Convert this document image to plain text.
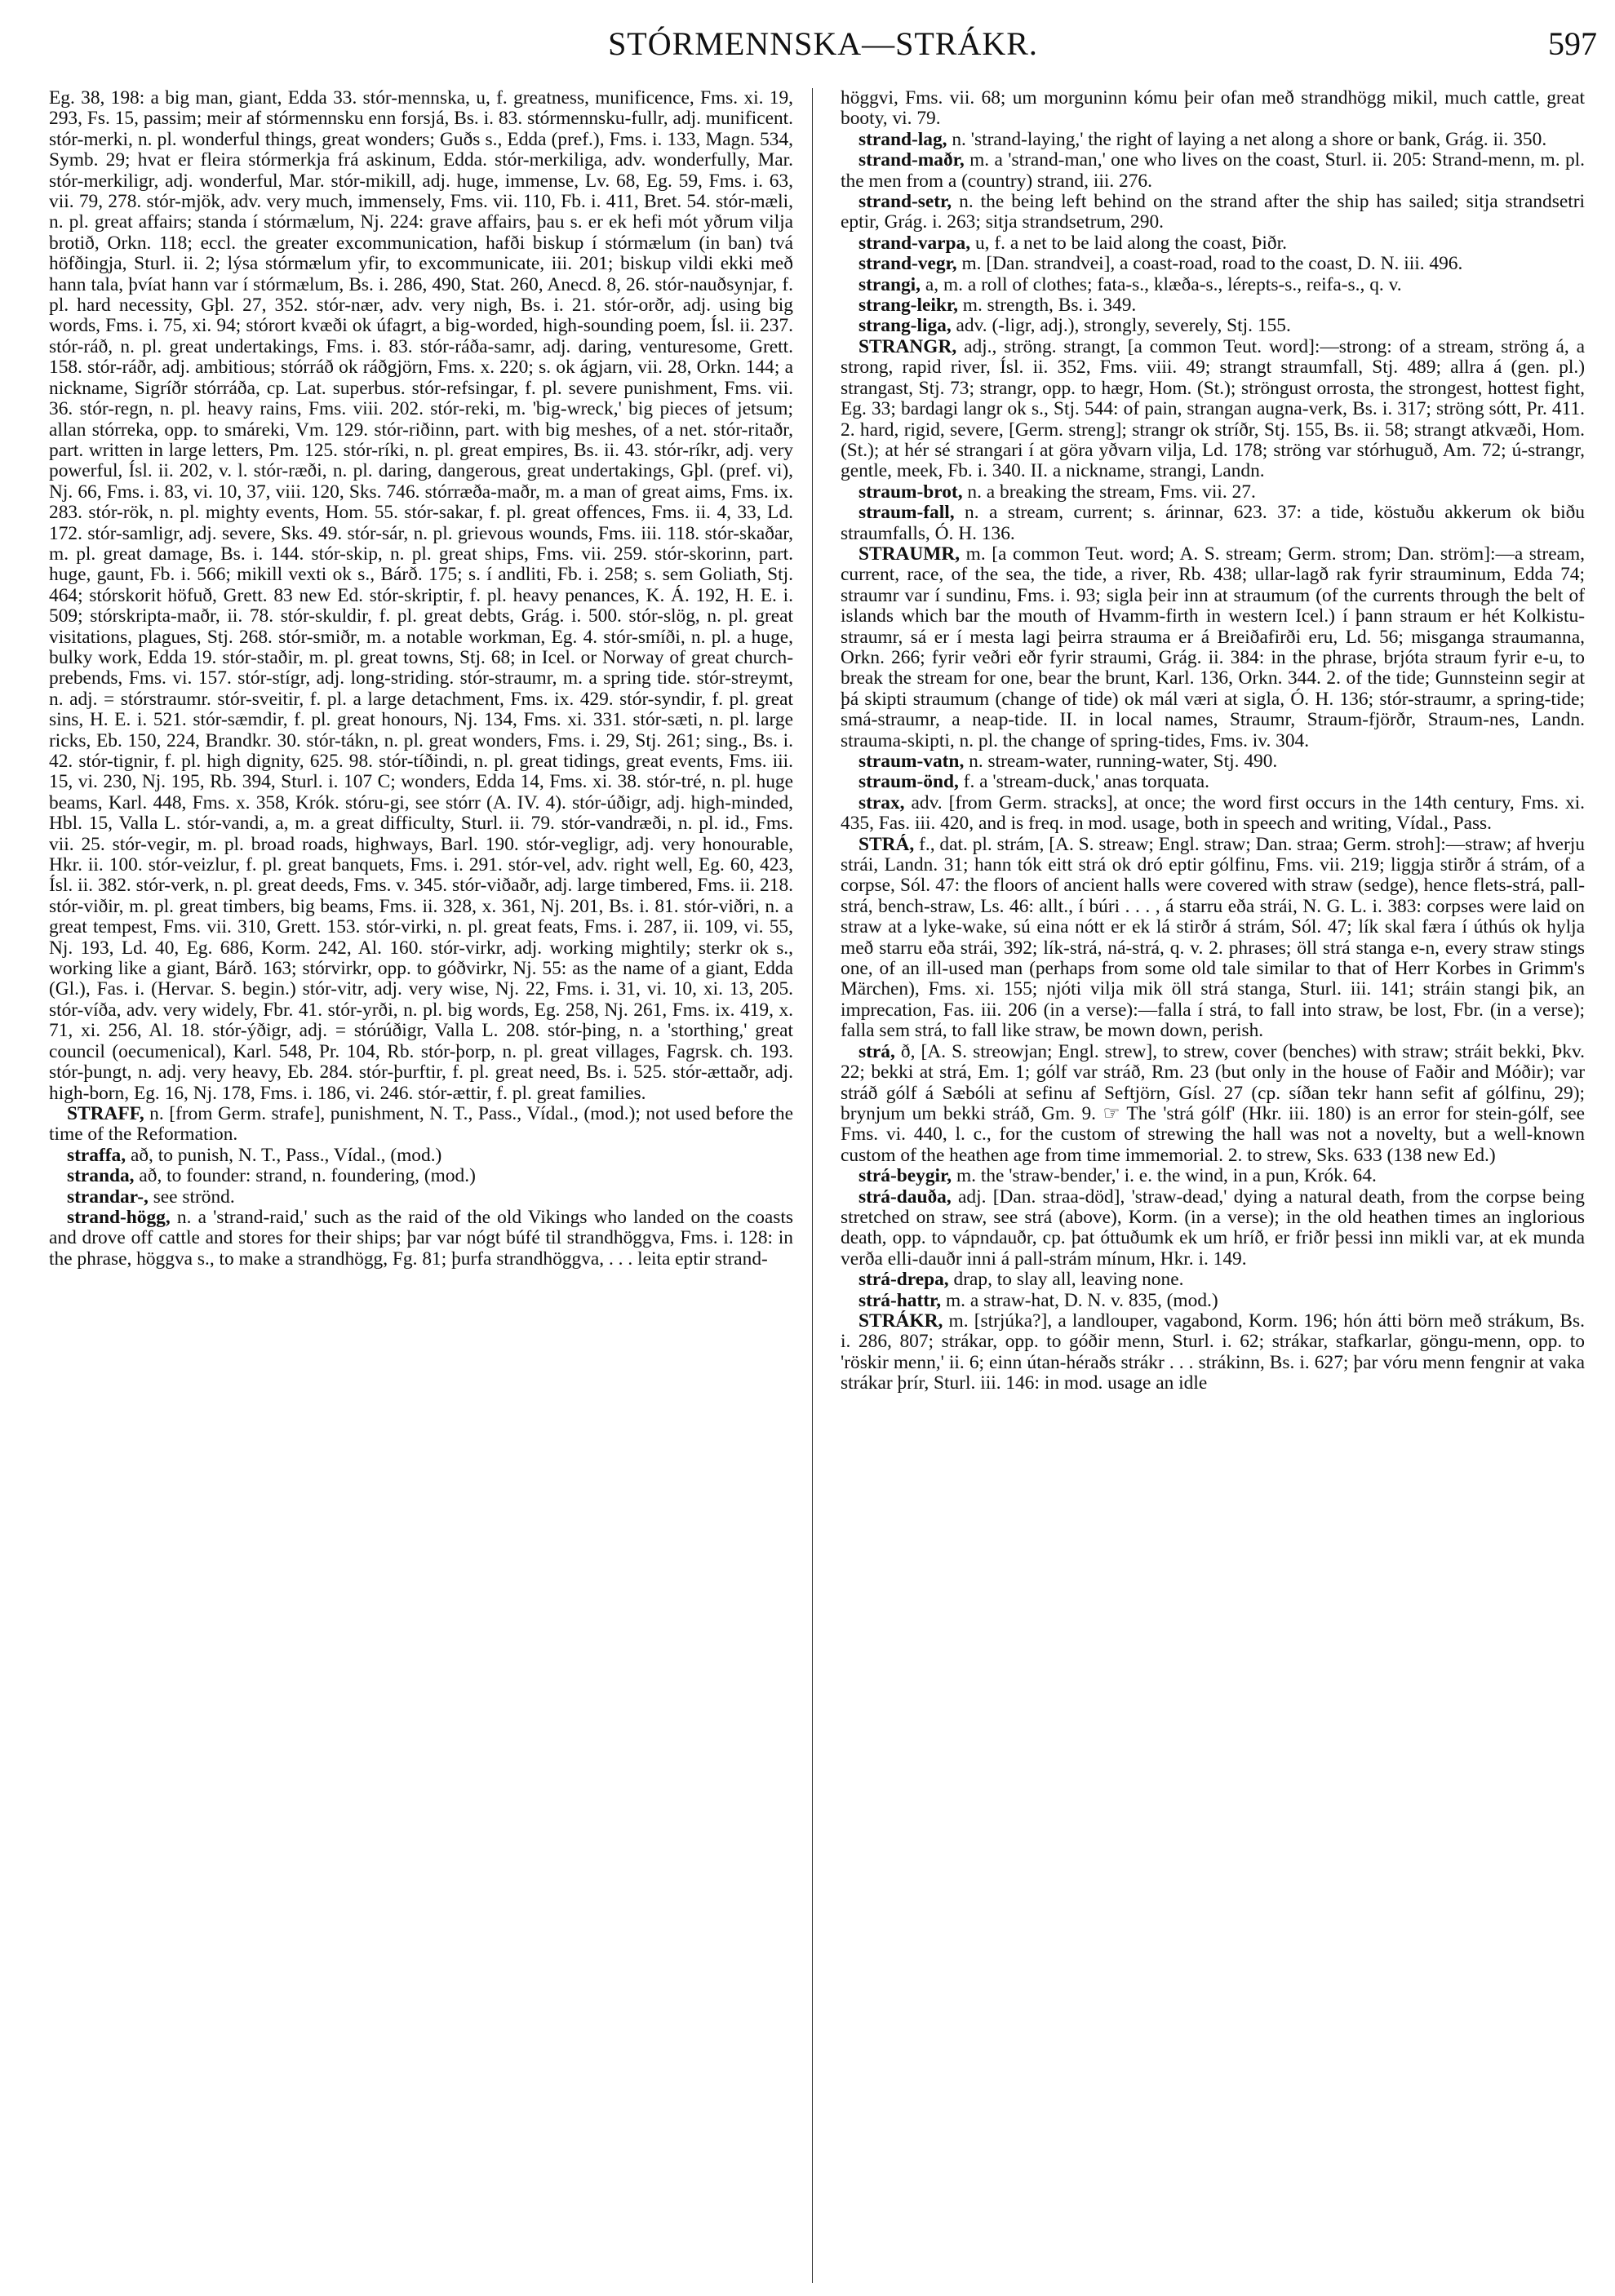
STÓRMENNSKA—STRÁKR.	597

Eg. 38, 198: a big man, giant, Edda 33. stór-mennska, u, f. greatness, munificence, Fms. xi. 19, 293, Fs. 15, passim; meir af stórmennsku enn forsjá, Bs. i. 83. stórmennsku-fullr, adj. munificent. stór-merki, n. pl. wonderful things, great wonders; Guðs s., Edda (pref.), Fms. i. 133, Magn. 534, Symb. 29; hvat er fleira stórmerkja frá askinum, Edda. stór-merkiliga, adv. wonderfully, Mar. stór-merkiligr, adj. wonderful, Mar. stór-mikill, adj. huge, immense, Lv. 68, Eg. 59, Fms. i. 63, vii. 79, 278. stór-mjök, adv. very much, immensely, Fms. vii. 110, Fb. i. 411, Bret. 54. stór-mæli, n. pl. great affairs; standa í stórmælum, Nj. 224: grave affairs, þau s. er ek hefi mót yðrum vilja brotið, Orkn. 118; eccl. the greater excommunication, hafði biskup í stórmælum (in ban) tvá höfðingja, Sturl. ii. 2; lýsa stórmælum yfir, to excommunicate, iii. 201; biskup vildi ekki með hann tala, þvíat hann var í stórmælum, Bs. i. 286, 490, Stat. 260, Anecd. 8, 26. stór-nauðsynjar, f. pl. hard necessity, Gþl. 27, 352. stór-nær, adv. very nigh, Bs. i. 21. stór-orðr, adj. using big words, Fms. i. 75, xi. 94; stórort kvæði ok úfagrt, a big-worded, high-sounding poem, Ísl. ii. 237. stór-ráð, n. pl. great undertakings, Fms. i. 83. stór-ráða-samr, adj. daring, venturesome, Grett. 158. stór-ráðr, adj. ambitious; stórráð ok ráðgjörn, Fms. x. 220; s. ok ágjarn, vii. 28, Orkn. 144; a nickname, Sigríðr stórráða, cp. Lat. superbus. stór-refsingar, f. pl. severe punishment, Fms. vii. 36. stór-regn, n. pl. heavy rains, Fms. viii. 202. stór-reki, m. 'big-wreck,' big pieces of jetsum; allan stórreka, opp. to smáreki, Vm. 129. stór-riðinn, part. with big meshes, of a net. stór-ritaðr, part. written in large letters, Pm. 125. stór-ríki, n. pl. great empires, Bs. ii. 43. stór-ríkr, adj. very powerful, Ísl. ii. 202, v. l. stór-ræði, n. pl. daring, dangerous, great undertakings, Gþl. (pref. vi), Nj. 66, Fms. i. 83, vi. 10, 37, viii. 120, Sks. 746. stórræða-maðr, m. a man of great aims, Fms. ix. 283. stór-rök, n. pl. mighty events, Hom. 55. stór-sakar, f. pl. great offences, Fms. ii. 4, 33, Ld. 172. stór-samligr, adj. severe, Sks. 49. stór-sár, n. pl. grievous wounds, Fms. iii. 118. stór-skaðar, m. pl. great damage, Bs. i. 144. stór-skip, n. pl. great ships, Fms. vii. 259. stór-skorinn, part. huge, gaunt, Fb. i. 566; mikill vexti ok s., Bárð. 175; s. í andliti, Fb. i. 258; s. sem Goliath, Stj. 464; stórskorit höfuð, Grett. 83 new Ed. stór-skriptir, f. pl. heavy penances, K. Á. 192, H. E. i. 509; stórskripta-maðr, ii. 78. stór-skuldir, f. pl. great debts, Grág. i. 500. stór-slög, n. pl. great visitations, plagues, Stj. 268. stór-smiðr, m. a notable workman, Eg. 4. stór-smíði, n. pl. a huge, bulky work, Edda 19. stór-staðir, m. pl. great towns, Stj. 68; in Icel. or Norway of great church-prebends, Fms. vi. 157. stór-stígr, adj. long-striding. stór-straumr, m. a spring tide. stór-streymt, n. adj. = stórstraumr. stór-sveitir, f. pl. a large detachment, Fms. ix. 429. stór-syndir, f. pl. great sins, H. E. i. 521. stór-sæmdir, f. pl. great honours, Nj. 134, Fms. xi. 331. stór-sæti, n. pl. large ricks, Eb. 150, 224, Brandkr. 30. stór-tákn, n. pl. great wonders, Fms. i. 29, Stj. 261; sing., Bs. i. 42. stór-tignir, f. pl. high dignity, 625. 98. stór-tíðindi, n. pl. great tidings, great events, Fms. iii. 15, vi. 230, Nj. 195, Rb. 394, Sturl. i. 107 C; wonders, Edda 14, Fms. xi. 38. stór-tré, n. pl. huge beams, Karl. 448, Fms. x. 358, Krók. stóru-gi, see stórr (A. IV. 4). stór-úðigr, adj. high-minded, Hbl. 15, Valla L. stór-vandi, a, m. a great difficulty, Sturl. ii. 79. stór-vandræði, n. pl. id., Fms. vii. 25. stór-vegir, m. pl. broad roads, highways, Barl. 190. stór-vegligr, adj. very honourable, Hkr. ii. 100. stór-veizlur, f. pl. great banquets, Fms. i. 291. stór-vel, adv. right well, Eg. 60, 423, Ísl. ii. 382. stór-verk, n. pl. great deeds, Fms. v. 345. stór-viðaðr, adj. large timbered, Fms. ii. 218. stór-viðir, m. pl. great timbers, big beams, Fms. ii. 328, x. 361, Nj. 201, Bs. i. 81. stór-viðri, n. a great tempest, Fms. vii. 310, Grett. 153. stór-virki, n. pl. great feats, Fms. i. 287, ii. 109, vi. 55, Nj. 193, Ld. 40, Eg. 686, Korm. 242, Al. 160. stór-virkr, adj. working mightily; sterkr ok s., working like a giant, Bárð. 163; stórvirkr, opp. to góðvirkr, Nj. 55: as the name of a giant, Edda (Gl.), Fas. i. (Hervar. S. begin.) stór-vitr, adj. very wise, Nj. 22, Fms. i. 31, vi. 10, xi. 13, 205. stór-víða, adv. very widely, Fbr. 41. stór-yrði, n. pl. big words, Eg. 258, Nj. 261, Fms. ix. 419, x. 71, xi. 256, Al. 18. stór-ýðigr, adj. = stórúðigr, Valla L. 208. stór-þing, n. a 'storthing,' great council (oecumenical), Karl. 548, Pr. 104, Rb. stór-þorp, n. pl. great villages, Fagrsk. ch. 193. stór-þungt, n. adj. very heavy, Eb. 284. stór-þurftir, f. pl. great need, Bs. i. 525. stór-ættaðr, adj. high-born, Eg. 16, Nj. 178, Fms. i. 186, vi. 246. stór-ættir, f. pl. great families.

STRAFF, n. [from Germ. strafe], punishment, N. T., Pass., Vídal., (mod.); not used before the time of the Reformation.

straffa, að, to punish, N. T., Pass., Vídal., (mod.)

stranda, að, to founder: strand, n. foundering, (mod.)

strandar-, see strönd.

strand-högg, n. a 'strand-raid,' such as the raid of the old Vikings who landed on the coasts and drove off cattle and stores for their ships; þar var nógt búfé til strandhöggva, Fms. i. 128: in the phrase, höggva s., to make a strandhögg, Fg. 81; þurfa strandhöggva, . . . leita eptir strand-

höggvi, Fms. vii. 68; um morguninn kómu þeir ofan með strandhögg mikil, much cattle, great booty, vi. 79.

strand-lag, n. 'strand-laying,' the right of laying a net along a shore or bank, Grág. ii. 350.

strand-maðr, m. a 'strand-man,' one who lives on the coast, Sturl. ii. 205: Strand-menn, m. pl. the men from a (country) strand, iii. 276.

strand-setr, n. the being left behind on the strand after the ship has sailed; sitja strandsetri eptir, Grág. i. 263; sitja strandsetrum, 290.

strand-varpa, u, f. a net to be laid along the coast, Þiðr.

strand-vegr, m. [Dan. strandvei], a coast-road, road to the coast, D. N. iii. 496.

strangi, a, m. a roll of clothes; fata-s., klæða-s., lérepts-s., reifa-s., q. v.

strang-leikr, m. strength, Bs. i. 349.

strang-liga, adv. (-ligr, adj.), strongly, severely, Stj. 155.

STRANGR, adj., ströng. strangt, [a common Teut. word]:—strong: of a stream, ströng á, a strong, rapid river, Ísl. ii. 352, Fms. viii. 49; strangt straumfall, Stj. 489; allra á (gen. pl.) strangast, Stj. 73; strangr, opp. to hægr, Hom. (St.); ströngust orrosta, the strongest, hottest fight, Eg. 33; bardagi langr ok s., Stj. 544: of pain, strangan augna-verk, Bs. i. 317; ströng sótt, Pr. 411. 2. hard, rigid, severe, [Germ. streng]; strangr ok stríðr, Stj. 155, Bs. ii. 58; strangt atkvæði, Hom. (St.); at hér sé strangari í at göra yðvarn vilja, Ld. 178; ströng var stórhuguð, Am. 72; ú-strangr, gentle, meek, Fb. i. 340. II. a nickname, strangi, Landn.

straum-brot, n. a breaking the stream, Fms. vii. 27.

straum-fall, n. a stream, current; s. árinnar, 623. 37: a tide, köstuðu akkerum ok biðu straumfalls, Ó. H. 136.

STRAUMR, m. [a common Teut. word; A. S. stream; Germ. strom; Dan. ström]:—a stream, current, race, of the sea, the tide, a river, Rb. 438; ullar-lagð rak fyrir strauminum, Edda 74; straumr var í sundinu, Fms. i. 93; sigla þeir inn at straumum (of the currents through the belt of islands which bar the mouth of Hvamm-firth in western Icel.) í þann straum er hét Kolkistu-straumr, sá er í mesta lagi þeirra strauma er á Breiðafirði eru, Ld. 56; misganga straumanna, Orkn. 266; fyrir veðri eðr fyrir straumi, Grág. ii. 384: in the phrase, brjóta straum fyrir e-u, to break the stream for one, bear the brunt, Karl. 136, Orkn. 344. 2. of the tide; Gunnsteinn segir at þá skipti straumum (change of tide) ok mál væri at sigla, Ó. H. 136; stór-straumr, a spring-tide; smá-straumr, a neap-tide. II. in local names, Straumr, Straum-fjörðr, Straum-nes, Landn. strauma-skipti, n. pl. the change of spring-tides, Fms. iv. 304.

straum-vatn, n. stream-water, running-water, Stj. 490.

straum-önd, f. a 'stream-duck,' anas torquata.

strax, adv. [from Germ. stracks], at once; the word first occurs in the 14th century, Fms. xi. 435, Fas. iii. 420, and is freq. in mod. usage, both in speech and writing, Vídal., Pass.

STRÁ, f., dat. pl. strám, [A. S. streaw; Engl. straw; Dan. straa; Germ. stroh]:—straw; af hverju strái, Landn. 31; hann tók eitt strá ok dró eptir gólfinu, Fms. vii. 219; liggja stirðr á strám, of a corpse, Sól. 47: the floors of ancient halls were covered with straw (sedge), hence flets-strá, pall-strá, bench-straw, Ls. 46: allt., í búri . . . , á starru eða strái, N. G. L. i. 383: corpses were laid on straw at a lyke-wake, sú eina nótt er ek lá stirðr á strám, Sól. 47; lík skal færa í úthús ok hylja með starru eða strái, 392; lík-strá, ná-strá, q. v. 2. phrases; öll strá stanga e-n, every straw stings one, of an ill-used man (perhaps from some old tale similar to that of Herr Korbes in Grimm's Märchen), Fms. xi. 155; njóti vilja mik öll strá stanga, Sturl. iii. 141; stráin stangi þik, an imprecation, Fas. iii. 206 (in a verse):—falla í strá, to fall into straw, be lost, Fbr. (in a verse); falla sem strá, to fall like straw, be mown down, perish.

strá, ð, [A. S. streowjan; Engl. strew], to strew, cover (benches) with straw; stráit bekki, Þkv. 22; bekki at strá, Em. 1; gólf var stráð, Rm. 23 (but only in the house of Faðir and Móðir); var stráð gólf á Sæbóli at sefinu af Seftjörn, Gísl. 27 (cp. síðan tekr hann sefit af gólfinu, 29); brynjum um bekki stráð, Gm. 9. ☞ The 'strá gólf' (Hkr. iii. 180) is an error for stein-gólf, see Fms. vi. 440, l. c., for the custom of strewing the hall was not a novelty, but a well-known custom of the heathen age from time immemorial. 2. to strew, Sks. 633 (138 new Ed.)

strá-beygir, m. the 'straw-bender,' i. e. the wind, in a pun, Krók. 64.

strá-dauða, adj. [Dan. straa-död], 'straw-dead,' dying a natural death, from the corpse being stretched on straw, see strá (above), Korm. (in a verse); in the old heathen times an inglorious death, opp. to vápndauðr, cp. þat óttuðumk ek um hríð, er friðr þessi inn mikli var, at ek munda verða elli-dauðr inni á pall-strám mínum, Hkr. i. 149.

strá-drepa, drap, to slay all, leaving none.

strá-hattr, m. a straw-hat, D. N. v. 835, (mod.)

STRÁKR, m. [strjúka?], a landlouper, vagabond, Korm. 196; hón átti börn með strákum, Bs. i. 286, 807; strákar, opp. to góðir menn, Sturl. i. 62; strákar, stafkarlar, göngu-menn, opp. to 'röskir menn,' ii. 6; einn útan-héraðs strákr . . . strákinn, Bs. i. 627; þar vóru menn fengnir at vaka strákar þrír, Sturl. iii. 146: in mod. usage an idle
